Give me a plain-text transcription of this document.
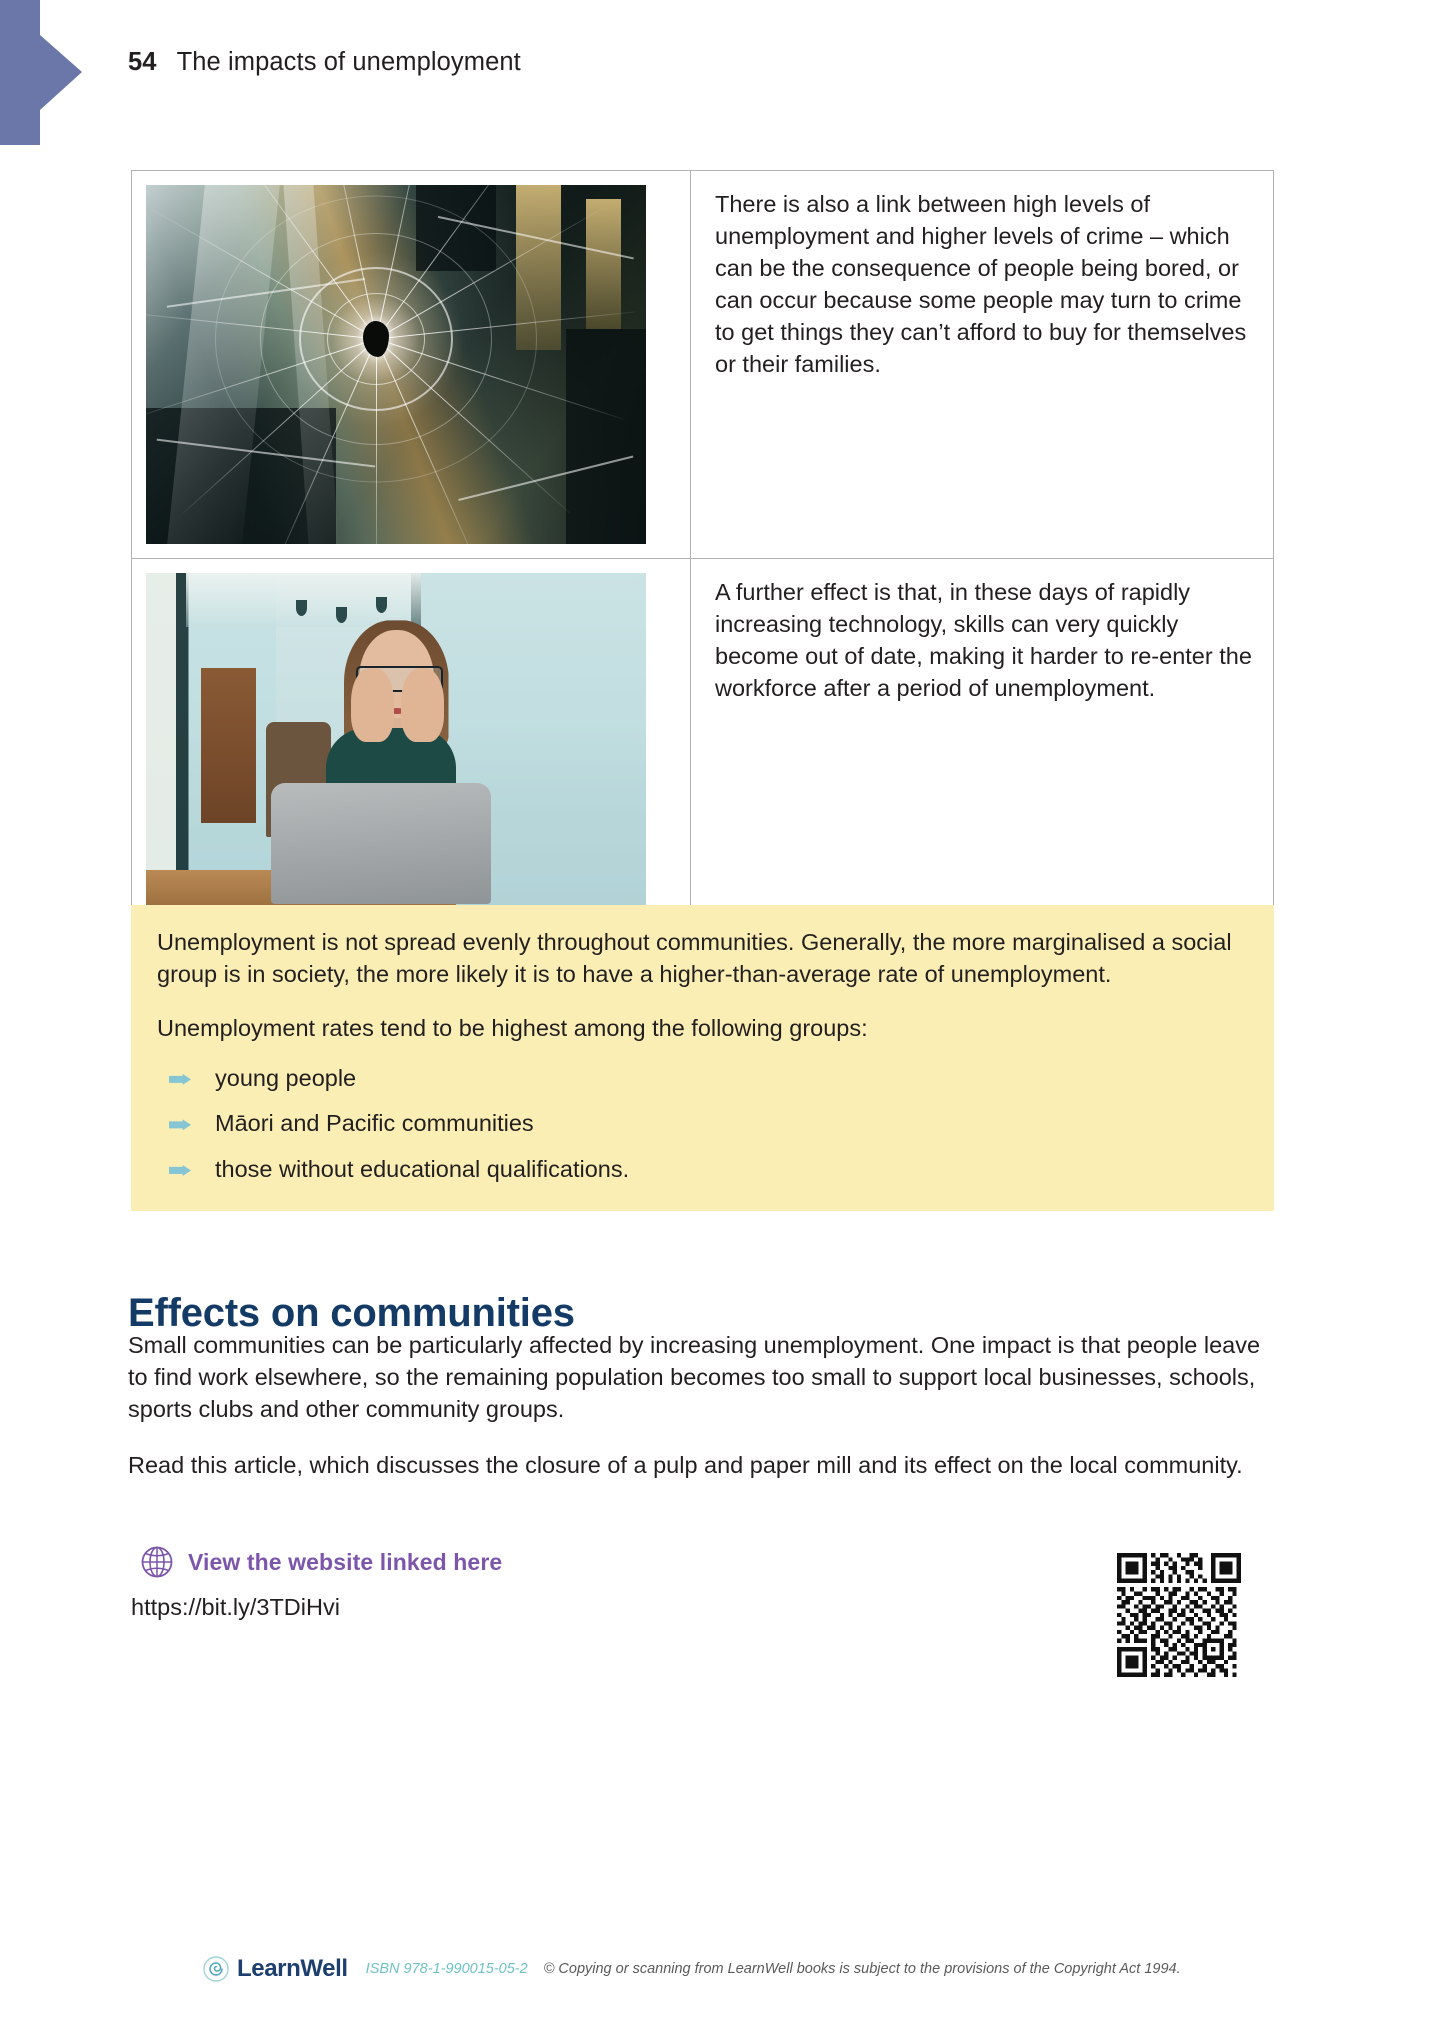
54 The impacts of unemployment
	There is also a link between high levels of unemployment and higher levels of crime – which can be the consequence of people being bored, or can occur because some people may turn to crime to get things they can’t afford to buy for themselves or their families.

	A further effect is that, in these days of rapidly increasing technology, skills can very quickly become out of date, making it harder to re-enter the workforce after a period of unemployment.

Unemployment is not spread evenly throughout communities. Generally, the more marginalised a social group is in society, the more likely it is to have a higher-than-average rate of unemployment.

Unemployment rates tend to be highest among the following groups:

young people
Māori and Pacific communities
those without educational qualifications.
Effects on communities

Small communities can be particularly affected by increasing unemployment. One impact is that people leave to find work elsewhere, so the remaining population becomes too small to support local businesses, schools, sports clubs and other community groups.

Read this article, which discusses the closure of a pulp and paper mill and its effect on the local community.

View the website linked here
https://bit.ly/3TDiHvi
LearnWell ISBN 978-1-990015-05-2 © Copying or scanning from LearnWell books is subject to the provisions of the Copyright Act 1994.
